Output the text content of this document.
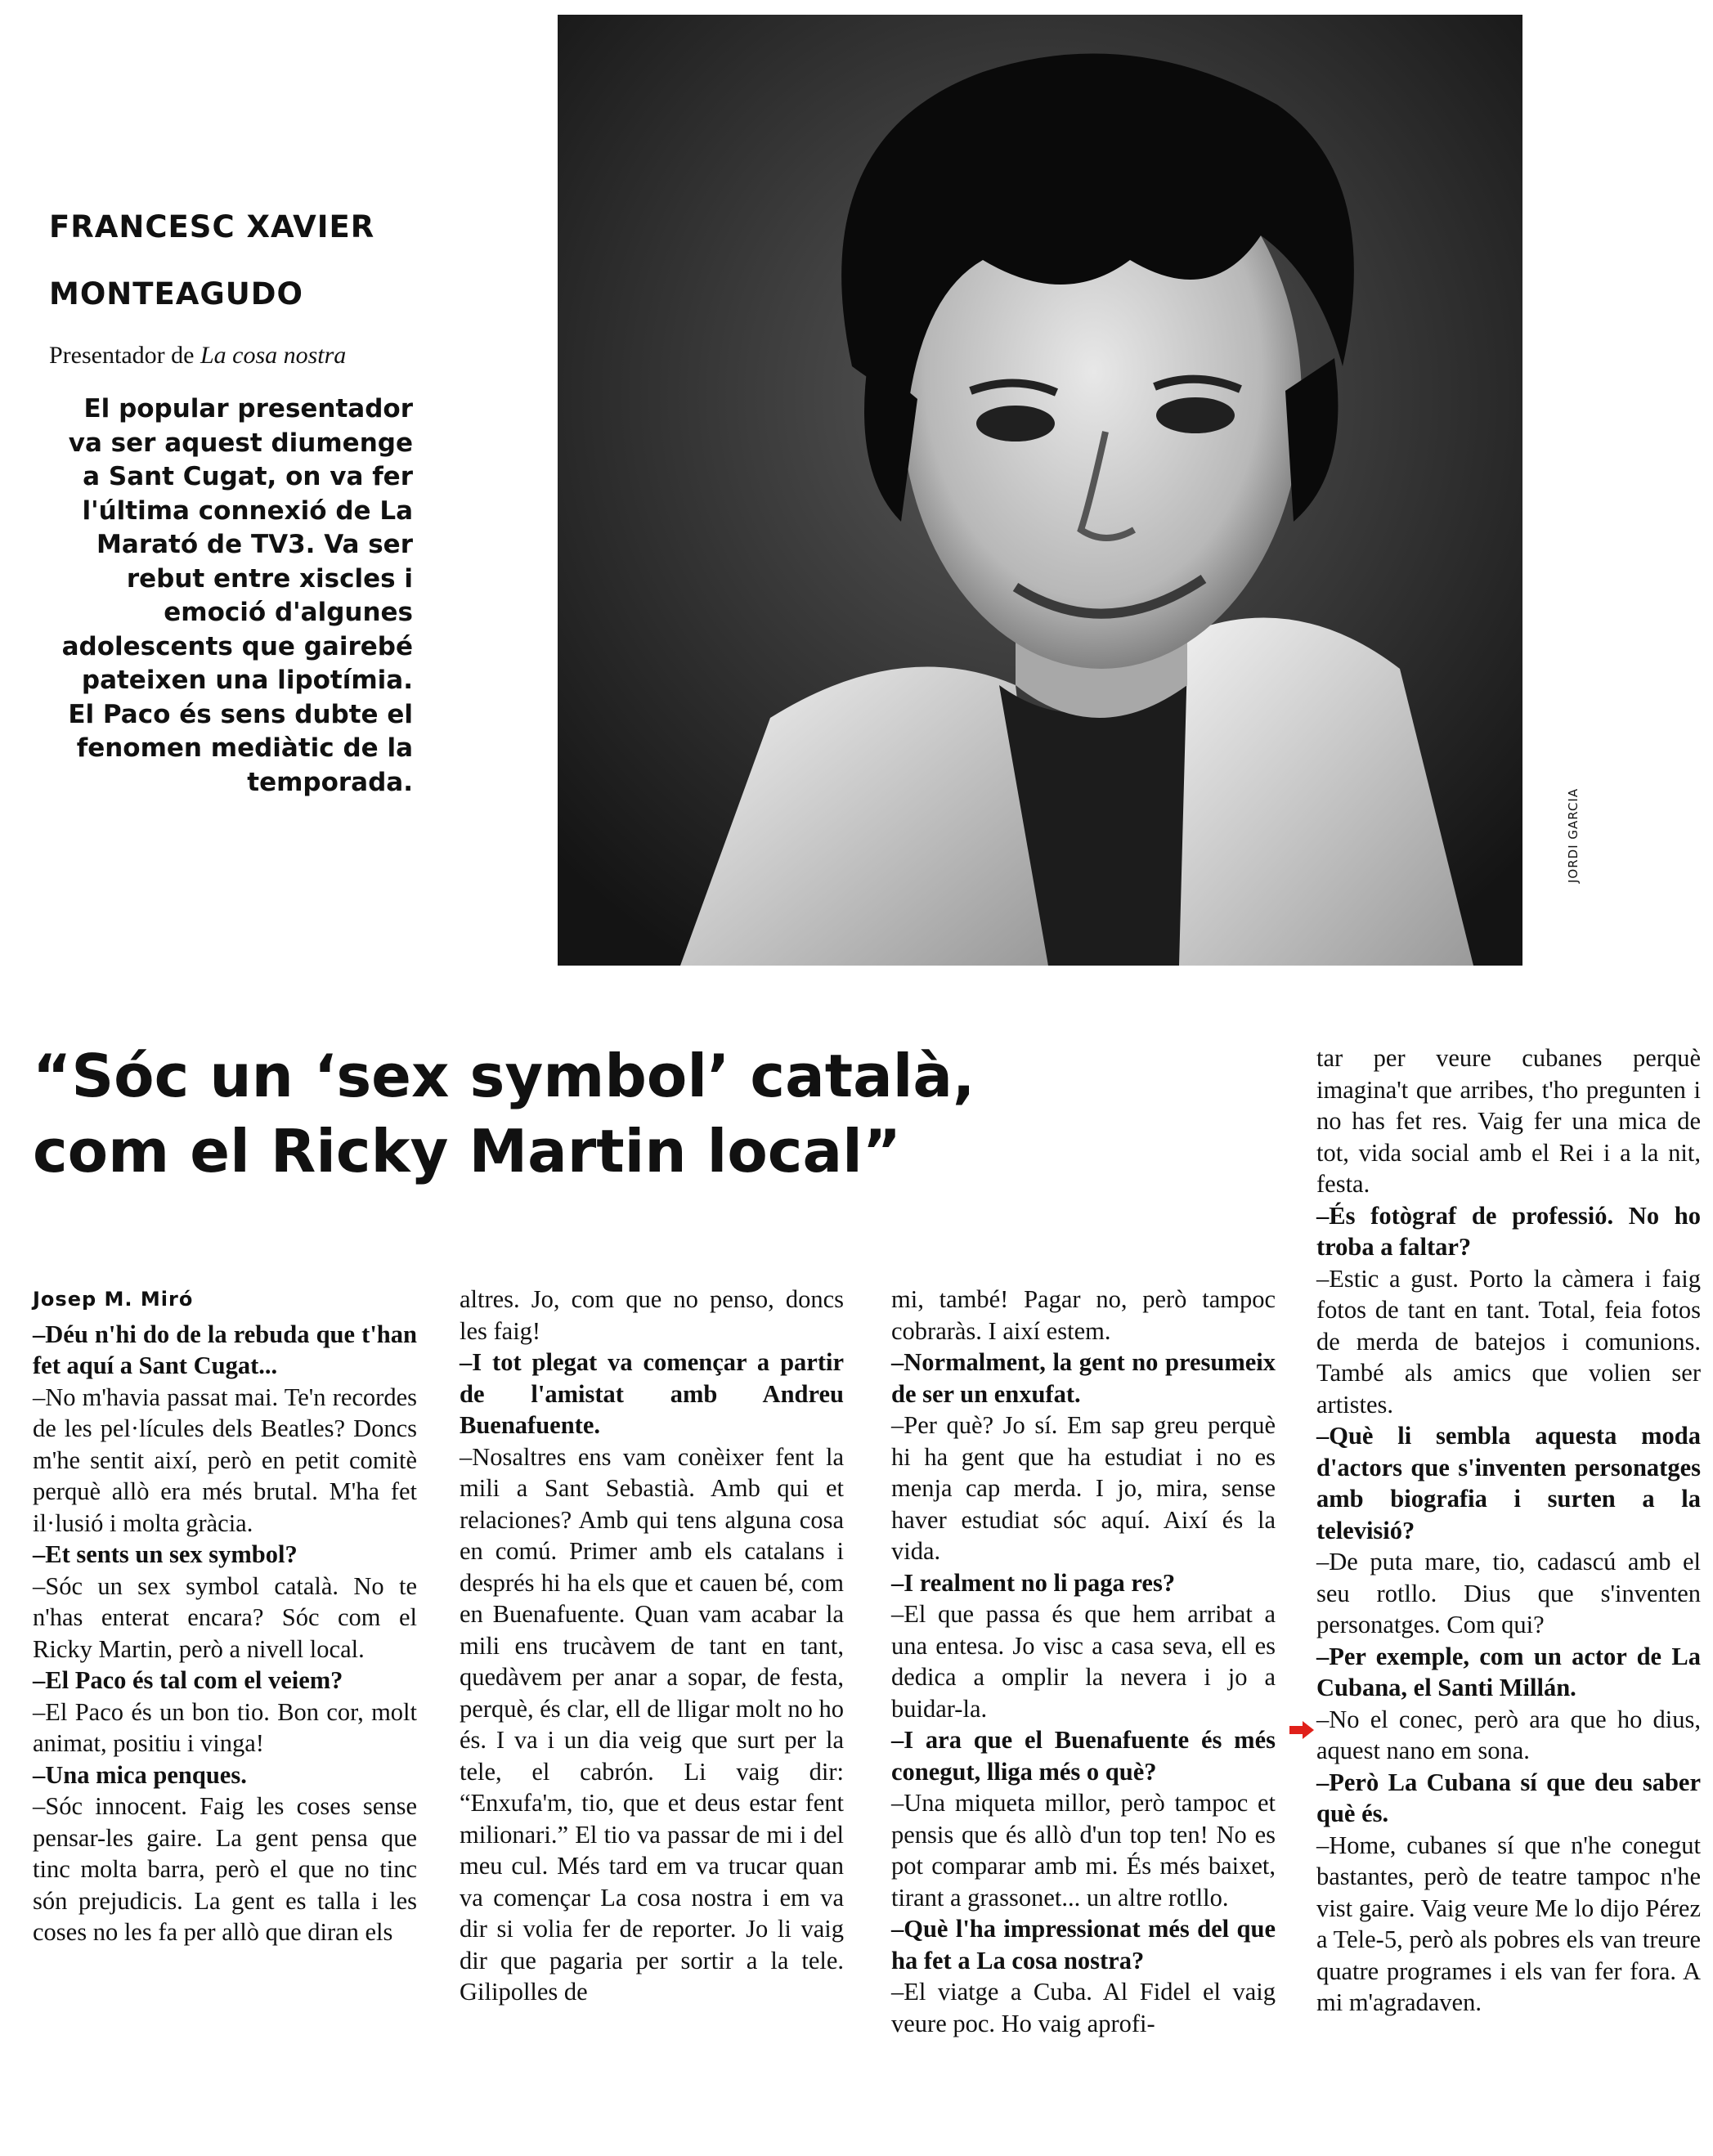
FRANCESC XAVIER
MONTEAGUDO
Presentador de La cosa nostra
El popular presentador va ser aquest diumenge a Sant Cugat, on va fer l'última connexió de La Marató de TV3. Va ser rebut entre xiscles i emoció d'algunes adolescents que gairebé pateixen una lipotímia. El Paco és sens dubte el fenomen mediàtic de la temporada.
JORDI GARCIA
“Sóc un ‘sex symbol’ català,
com el Ricky Martin local”
Josep M. Miró

–Déu n'hi do de la rebuda que t'han fet aquí a Sant Cugat...

–No m'havia passat mai. Te'n recordes de les pel·lícules dels Beatles? Doncs m'he sentit així, però en petit comitè perquè allò era més brutal. M'ha fet il·lusió i molta gràcia.

–Et sents un sex symbol?

–Sóc un sex symbol català. No te n'has enterat encara? Sóc com el Ricky Martin, però a nivell local.

–El Paco és tal com el veiem?

–El Paco és un bon tio. Bon cor, molt animat, positiu i vinga!

–Una mica penques.

–Sóc innocent. Faig les coses sense pensar-les gaire. La gent pensa que tinc molta barra, però el que no tinc són prejudicis. La gent es talla i les coses no les fa per allò que diran els

altres. Jo, com que no penso, doncs les faig!

–I tot plegat va començar a partir de l'amistat amb Andreu Buenafuente.

–Nosaltres ens vam conèixer fent la mili a Sant Sebastià. Amb qui et relaciones? Amb qui tens alguna cosa en comú. Primer amb els catalans i després hi ha els que et cauen bé, com en Buenafuente. Quan vam acabar la mili ens trucàvem de tant en tant, quedàvem per anar a sopar, de festa, perquè, és clar, ell de lligar molt no ho és. I va i un dia veig que surt per la tele, el cabrón. Li vaig dir: “Enxufa'm, tio, que et deus estar fent milionari.” El tio va passar de mi i del meu cul. Més tard em va trucar quan va començar La cosa nostra i em va dir si volia fer de reporter. Jo li vaig dir que pagaria per sortir a la tele. Gilipolles de

mi, també! Pagar no, però tampoc cobraràs. I així estem.

–Normalment, la gent no presumeix de ser un enxufat.

–Per què? Jo sí. Em sap greu perquè hi ha gent que ha estudiat i no es menja cap merda. I jo, mira, sense haver estudiat sóc aquí. Així és la vida.

–I realment no li paga res?

–El que passa és que hem arribat a una entesa. Jo visc a casa seva, ell es dedica a omplir la nevera i jo a buidar-la.

–I ara que el Buenafuente és més conegut, lliga més o què?

–Una miqueta millor, però tampoc et pensis que és allò d'un top ten! No es pot comparar amb mi. És més baixet, tirant a grassonet... un altre rotllo.

–Què l'ha impressionat més del que ha fet a La cosa nostra?

–El viatge a Cuba. Al Fidel el vaig veure poc. Ho vaig aprofi-

tar per veure cubanes perquè imagina't que arribes, t'ho pregunten i no has fet res. Vaig fer una mica de tot, vida social amb el Rei i a la nit, festa.

–És fotògraf de professió. No ho troba a faltar?

–Estic a gust. Porto la càmera i faig fotos de tant en tant. Total, feia fotos de merda de batejos i comunions. També als amics que volien ser artistes.

–Què li sembla aquesta moda d'actors que s'inventen personatges amb biografia i surten a la televisió?

–De puta mare, tio, cadascú amb el seu rotllo. Dius que s'inventen personatges. Com qui?

–Per exemple, com un actor de La Cubana, el Santi Millán.

–No el conec, però ara que ho dius, aquest nano em sona.

–Però La Cubana sí que deu saber què és.

–Home, cubanes sí que n'he conegut bastantes, però de teatre tampoc n'he vist gaire. Vaig veure Me lo dijo Pérez a Tele-5, però als pobres els van treure quatre programes i els van fer fora. A mi m'agradaven.
